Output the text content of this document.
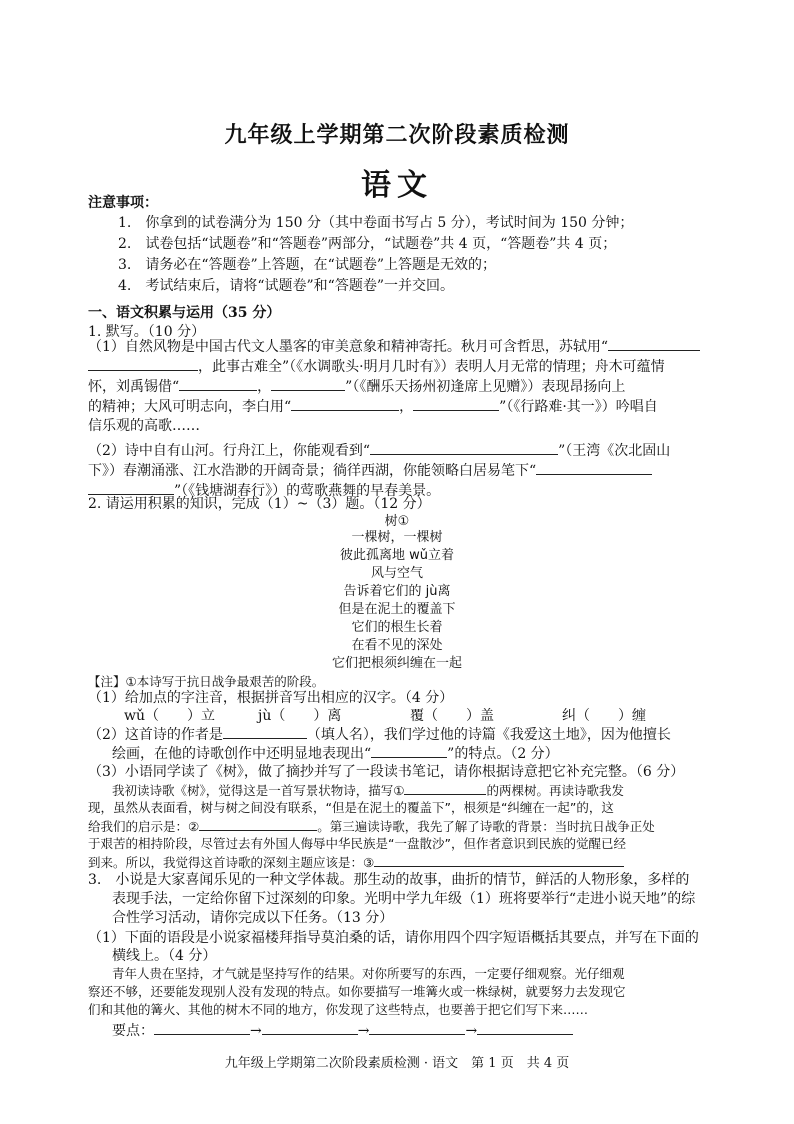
九年级上学期第二次阶段素质检测
语文
注意事项：
1.　你拿到的试卷满分为 150 分（其中卷面书写占 5 分），考试时间为 150 分钟；
2.　试卷包括“试题卷”和“答题卷”两部分，“试题卷”共 4 页，“答题卷”共 4 页；
3.　请务必在“答题卷”上答题，在“试题卷”上答题是无效的；
4.　考试结束后，请将“试题卷”和“答题卷”一并交回。
一、语文积累与运用（35 分）
1. 默写。（10 分）
（1）自然风物是中国古代文人墨客的审美意象和精神寄托。秋月可含哲思，苏轼用“
，此事古难全”（《水调歌头·明月几时有》）表明人月无常的情理；舟木可蕴情
怀，刘禹锡借“	，	”（《酬乐天扬州初逢席上见赠》）表现昂扬向上
的精神；大风可明志向，李白用“	，	”（《行路难·其一》）吟唱自
信乐观的高歌……
（2）诗中自有山河。行舟江上，你能观看到“	”（王湾《次北固山
下》）春潮涌涨、江水浩渺的开阔奇景；徜徉西湖，你能领略白居易笔下“
”（《钱塘湖春行》）的莺歌燕舞的早春美景。
2. 请运用积累的知识，完成（1）~（3）题。（12 分）
树①
一棵树，一棵树
彼此孤离地 wǔ立着
风与空气
告诉着它们的 jù离
但是在泥土的覆盖下
它们的根生长着
在看不见的深处
它们把根须纠缠在一起
【注】①本诗写于抗日战争最艰苦的阶段。
（1）给加点的字注音，根据拼音写出相应的汉字。（4 分）
wǔ（　　）立	jù（　　）离	覆（　　）盖	纠（　　）缠
（2）这首诗的作者是	（填人名），我们学过他的诗篇《我爱这土地》，因为他擅长
绘画，在他的诗歌创作中还明显地表现出“	”的特点。（2 分）
（3）小语同学读了《树》，做了摘抄并写了一段读书笔记，请你根据诗意把它补充完整。（6 分）
我初读诗歌《树》，觉得这是一首写景状物诗，描写①	的两棵树。再读诗歌我发
现，虽然从表面看，树与树之间没有联系，“但是在泥土的覆盖下”，根须是“纠缠在一起”的，这
给我们的启示是：②	。第三遍读诗歌，我先了解了诗歌的背景：当时抗日战争正处
于艰苦的相持阶段，尽管过去有外国人侮辱中华民族是“一盘散沙”，但作者意识到民族的觉醒已经
到来。所以，我觉得这首诗歌的深刻主题应该是：③
3.　小说是大家喜闻乐见的一种文学体裁。那生动的故事，曲折的情节，鲜活的人物形象，多样的
表现手法，一定给你留下过深刻的印象。光明中学九年级（1）班将要举行“走进小说天地”的综
合性学习活动，请你完成以下任务。（13 分）
（1）下面的语段是小说家福楼拜指导莫泊桑的话，请你用四个四字短语概括其要点，并写在下面的
横线上。（4 分）
青年人贵在坚持，才气就是坚持写作的结果。对你所要写的东西，一定要仔细观察。光仔细观
察还不够，还要能发现别人没有发现的特点。如你要描写一堆篝火或一株绿树，就要努力去发现它
们和其他的篝火、其他的树木不同的地方，你发现了这些特点，也要善于把它们写下来……
九年级上学期第二次阶段素质检测 · 语文　第 1 页　共 4 页
要点：	→	→	→
